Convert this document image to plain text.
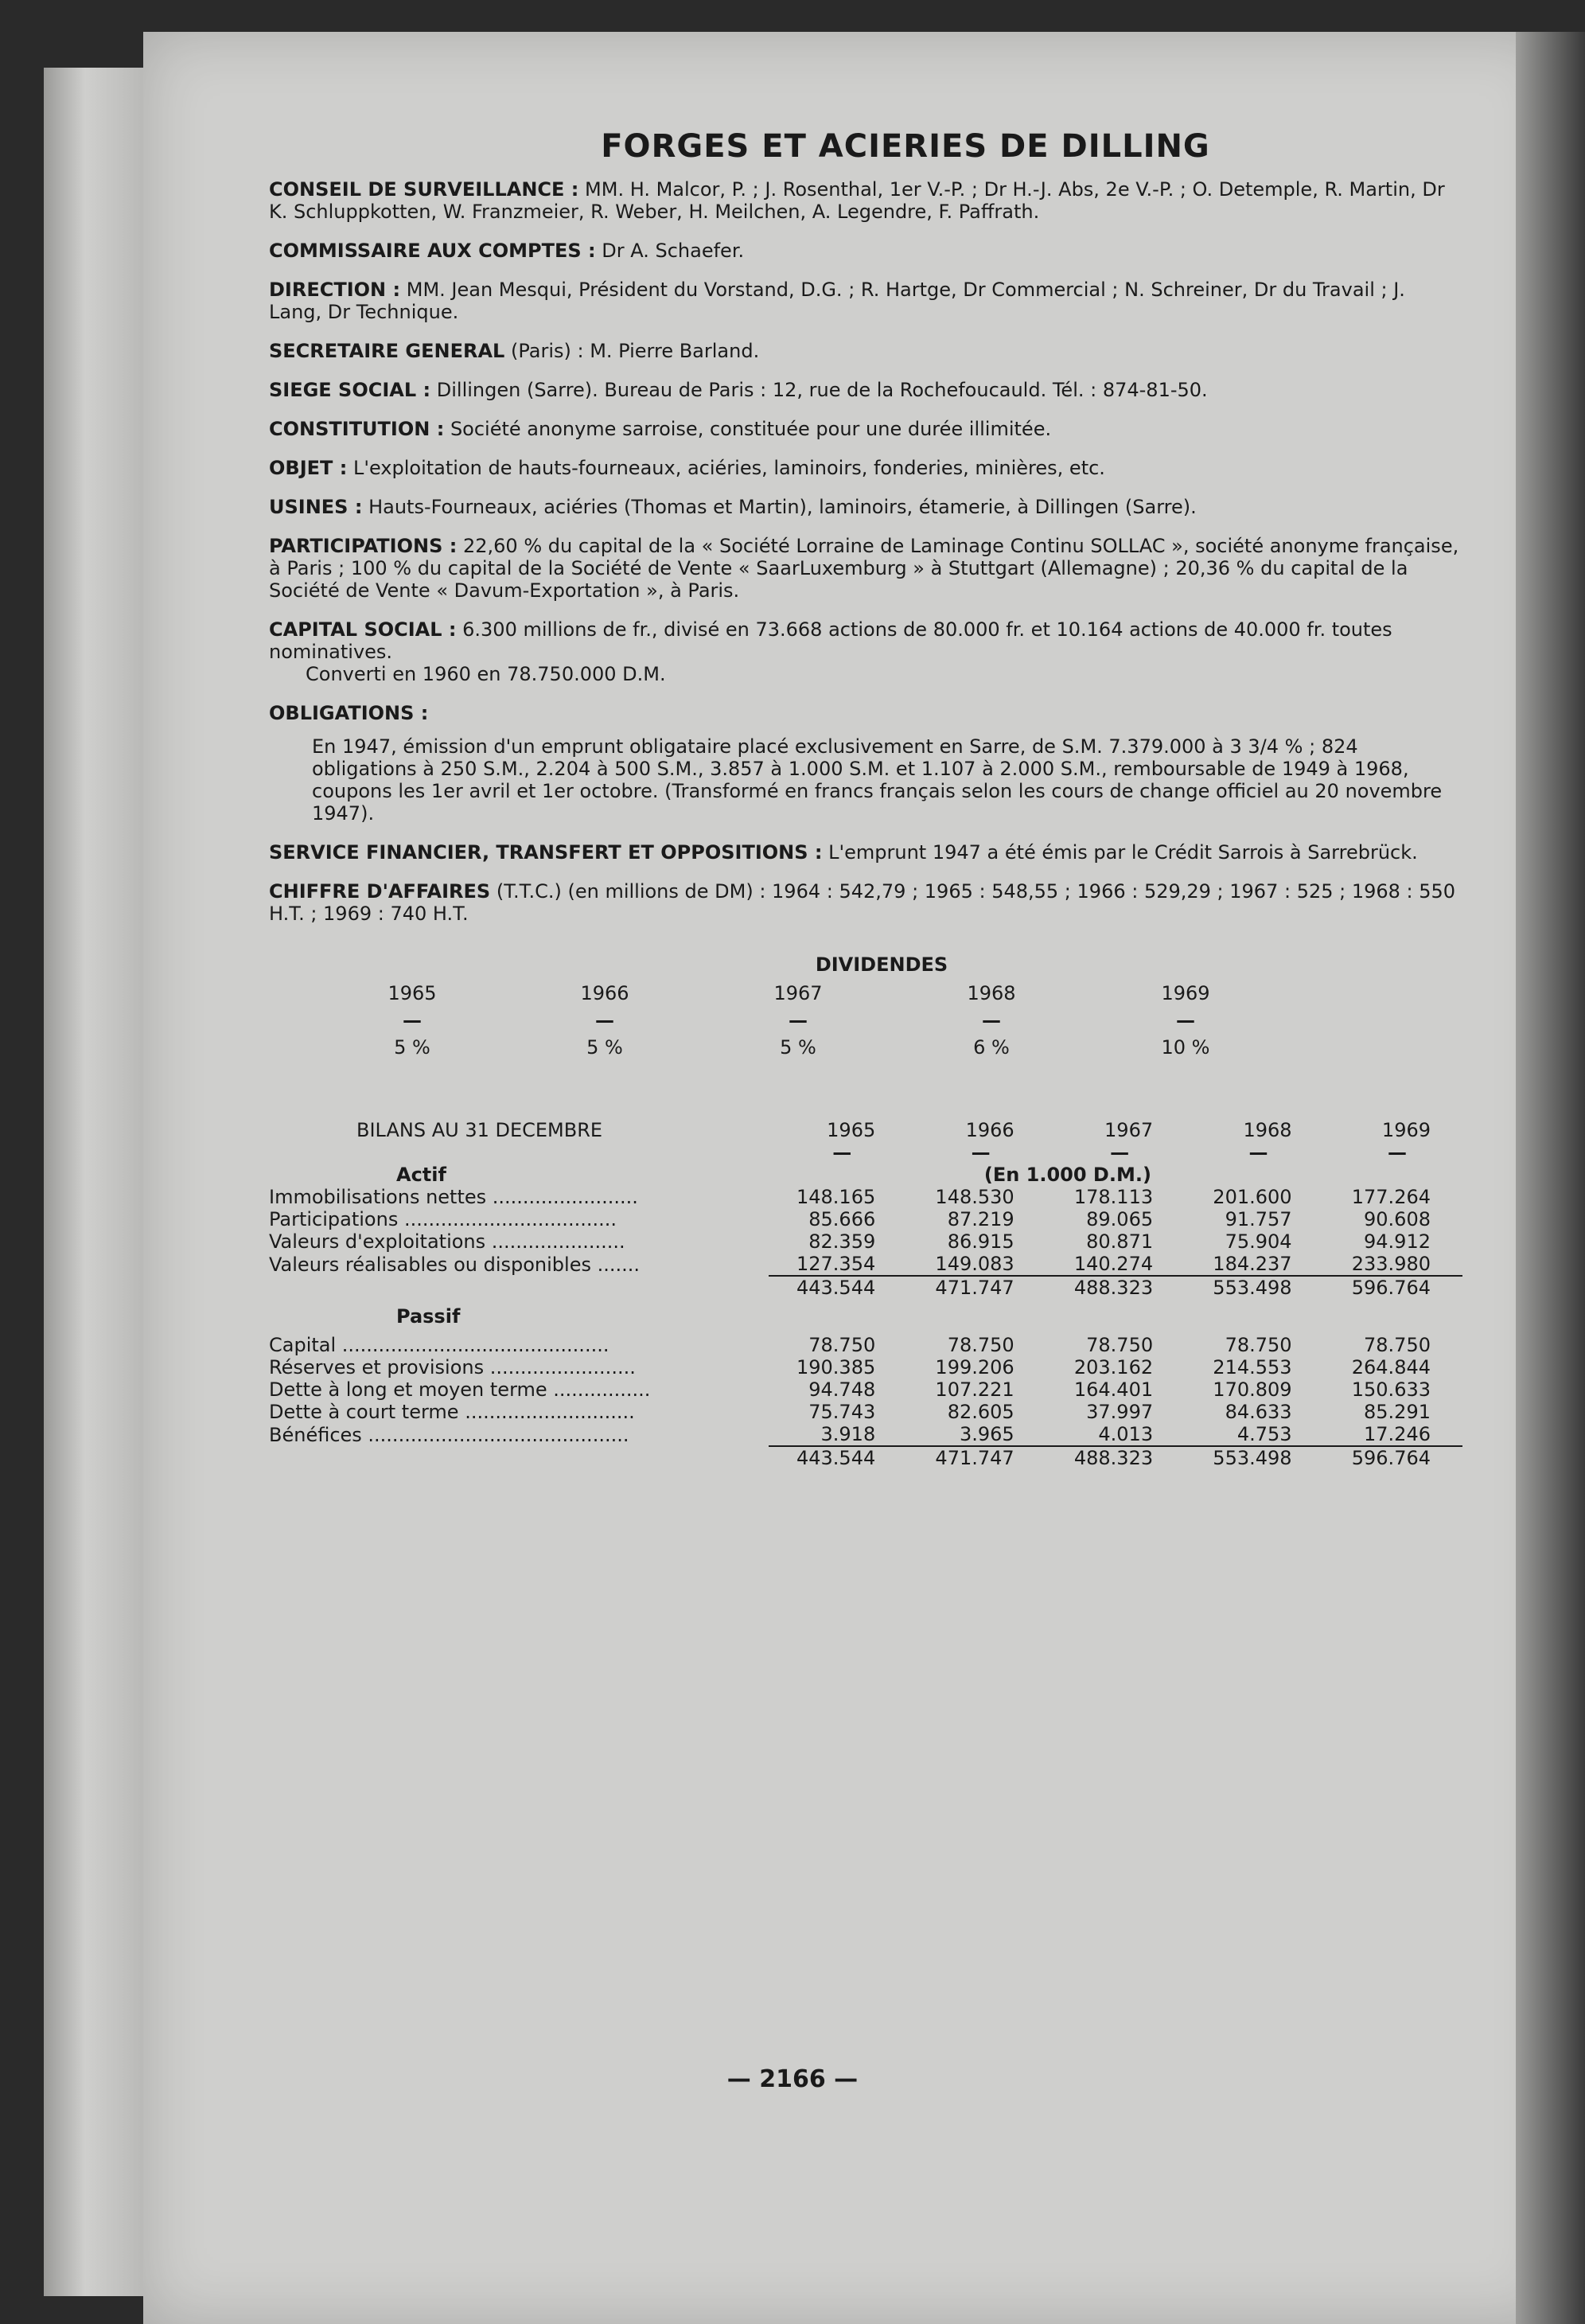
FORGES ET ACIERIES DE DILLING
CONSEIL DE SURVEILLANCE : MM. H. Malcor, P. ; J. Rosenthal, 1er V.-P. ; Dr H.-J. Abs, 2e V.-P. ; O. Detemple, R. Martin, Dr K. Schluppkotten, W. Franzmeier, R. Weber, H. Meilchen, A. Legendre, F. Paffrath.
COMMISSAIRE AUX COMPTES : Dr A. Schaefer.
DIRECTION : MM. Jean Mesqui, Président du Vorstand, D.G. ; R. Hartge, Dr Commercial ; N. Schreiner, Dr du Travail ; J. Lang, Dr Technique.
SECRETAIRE GENERAL (Paris) : M. Pierre Barland.
SIEGE SOCIAL : Dillingen (Sarre). Bureau de Paris : 12, rue de la Rochefoucauld. Tél. : 874-81-50.
CONSTITUTION : Société anonyme sarroise, constituée pour une durée illimitée.
OBJET : L'exploitation de hauts-fourneaux, aciéries, laminoirs, fonderies, minières, etc.
USINES : Hauts-Fourneaux, aciéries (Thomas et Martin), laminoirs, étamerie, à Dillingen (Sarre).
PARTICIPATIONS : 22,60 % du capital de la « Société Lorraine de Laminage Continu SOLLAC », société anonyme française, à Paris ; 100 % du capital de la Société de Vente « SaarLuxemburg » à Stuttgart (Allemagne) ; 20,36 % du capital de la Société de Vente « Davum-Exportation », à Paris.
CAPITAL SOCIAL : 6.300 millions de fr., divisé en 73.668 actions de 80.000 fr. et 10.164 actions de 40.000 fr. toutes nominatives.
Converti en 1960 en 78.750.000 D.M.
OBLIGATIONS :
En 1947, émission d'un emprunt obligataire placé exclusivement en Sarre, de S.M. 7.379.000 à 3 3/4 % ; 824 obligations à 250 S.M., 2.204 à 500 S.M., 3.857 à 1.000 S.M. et 1.107 à 2.000 S.M., remboursable de 1949 à 1968, coupons les 1er avril et 1er octobre. (Transformé en francs français selon les cours de change officiel au 20 novembre 1947).
SERVICE FINANCIER, TRANSFERT ET OPPOSITIONS : L'emprunt 1947 a été émis par le Crédit Sarrois à Sarrebrück.
CHIFFRE D'AFFAIRES (T.T.C.) (en millions de DM) : 1964 : 542,79 ; 1965 : 548,55 ; 1966 : 529,29 ; 1967 : 525 ; 1968 : 550 H.T. ; 1969 : 740 H.T.
DIVIDENDES
1965	1966	1967	1968	1969
—	—	—	—	—
5 %	5 %	5 %	6 %	10 %
BILANS AU 31 DECEMBRE	1965	1966	1967	1968	1969
	—	—	—	—	—
Actif	(En 1.000 D.M.)				
Immobilisations nettes ........................	148.165	148.530	178.113	201.600	177.264
Participations ...................................	85.666	87.219	89.065	91.757	90.608
Valeurs d'exploitations ......................	82.359	86.915	80.871	75.904	94.912
Valeurs réalisables ou disponibles .......	127.354	149.083	140.274	184.237	233.980
	443.544	471.747	488.323	553.498	596.764
Passif					
Capital ............................................	78.750	78.750	78.750	78.750	78.750
Réserves et provisions ........................	190.385	199.206	203.162	214.553	264.844
Dette à long et moyen terme ................	94.748	107.221	164.401	170.809	150.633
Dette à court terme ............................	75.743	82.605	37.997	84.633	85.291
Bénéfices ...........................................	3.918	3.965	4.013	4.753	17.246
	443.544	471.747	488.323	553.498	596.764
— 2166 —
